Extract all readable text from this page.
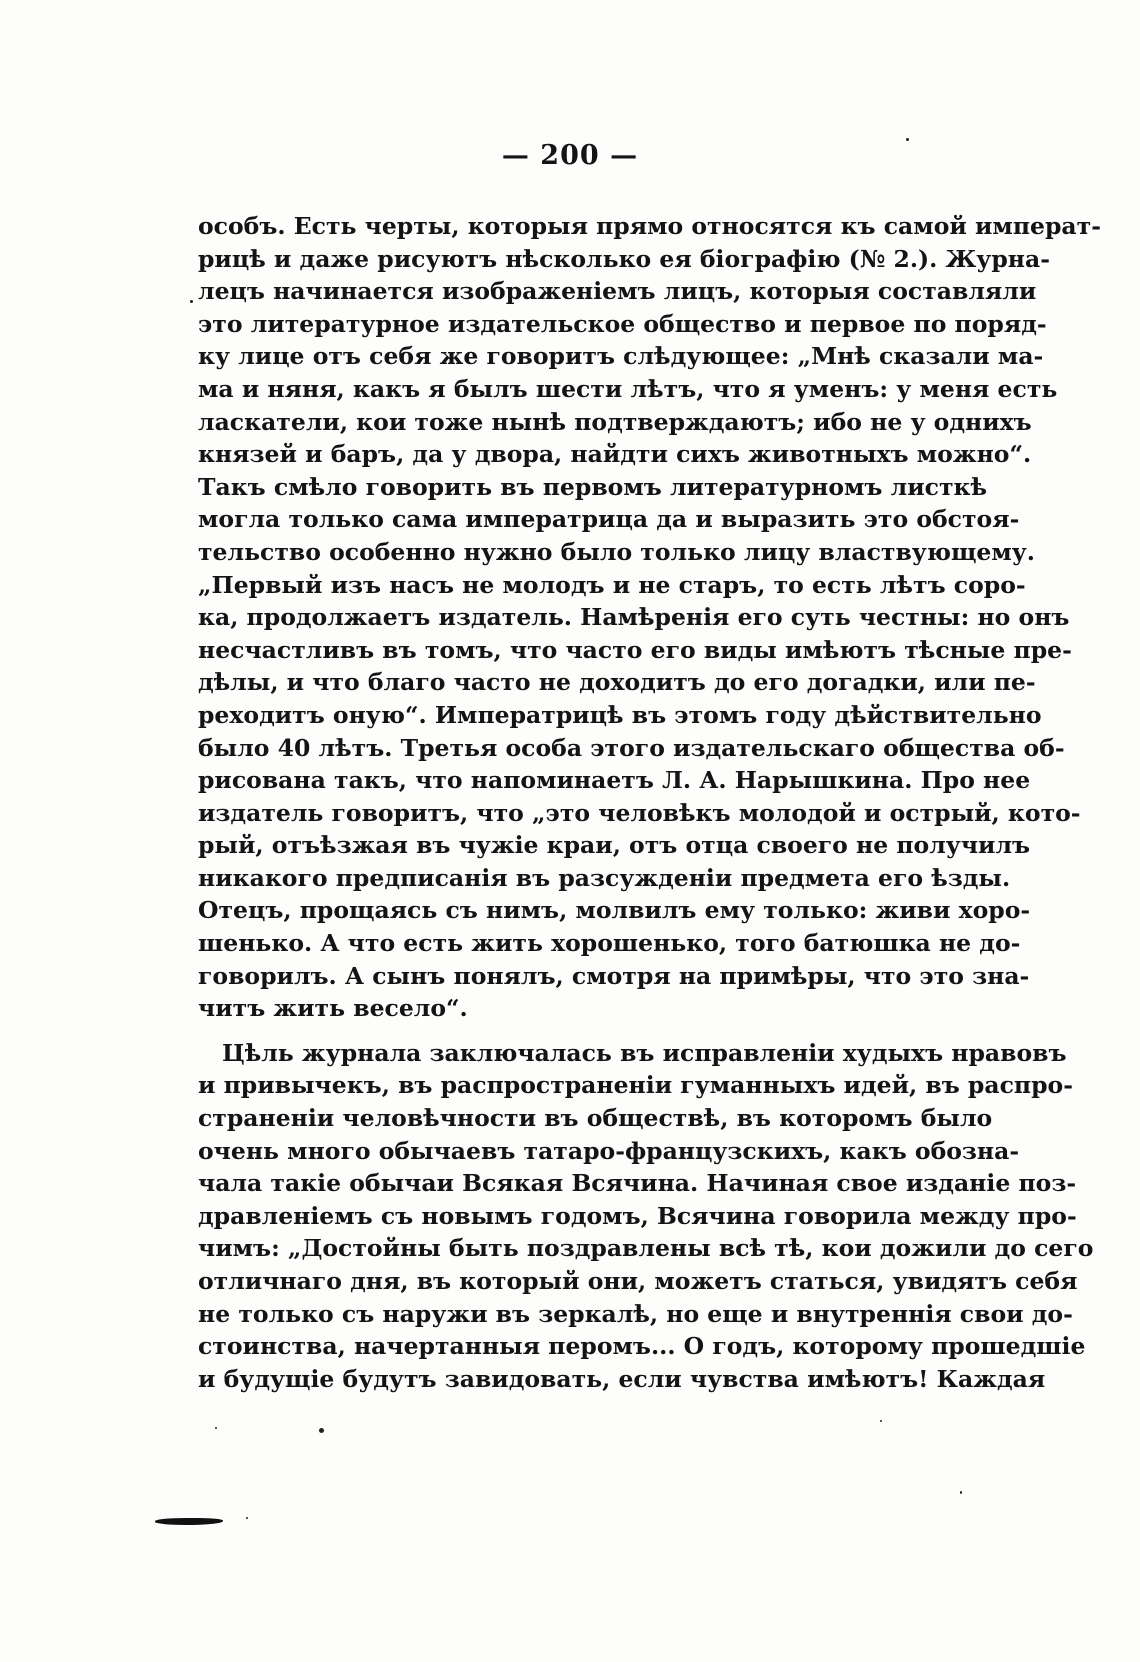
— 200 —
особъ. Есть черты, которыя прямо относятся къ самой императ-
рицѣ и даже рисуютъ нѣсколько ея біографію (№ 2.). Журна-
лецъ начинается изображеніемъ лицъ, которыя составляли
это литературное издательское общество и первое по поряд-
ку лице отъ себя же говоритъ слѣдующее: „Мнѣ сказали ма-
ма и няня, какъ я былъ шести лѣтъ, что я уменъ: у меня есть
ласкатели, кои тоже нынѣ подтверждаютъ; ибо не у однихъ
князей и баръ, да у двора, найдти сихъ животныхъ можно“.
Такъ смѣло говорить въ первомъ литературномъ листкѣ
могла только сама императрица да и выразить это обстоя-
тельство особенно нужно было только лицу властвующему.
„Первый изъ насъ не молодъ и не старъ, то есть лѣтъ соро-
ка, продолжаетъ издатель. Намѣренія его суть честны: но онъ
несчастливъ въ томъ, что часто его виды имѣютъ тѣсные пре-
дѣлы, и что благо часто не доходитъ до его догадки, или пе-
реходитъ оную“. Императрицѣ въ этомъ году дѣйствительно
было 40 лѣтъ. Третья особа этого издательскаго общества об-
рисована такъ, что напоминаетъ Л. А. Нарышкина. Про нее
издатель говоритъ, что „это человѣкъ молодой и острый, кото-
рый, отъѣзжая въ чужіе краи, отъ отца своего не получилъ
никакого предписанія въ разсужденіи предмета его ѣзды.
Отецъ, прощаясь съ нимъ, молвилъ ему только: живи хоро-
шенько. А что есть жить хорошенько, того батюшка не до-
говорилъ. А сынъ понялъ, смотря на примѣры, что это зна-
читъ жить весело“.
Цѣль журнала заключалась въ исправленіи худыхъ нравовъ
и привычекъ, въ распространеніи гуманныхъ идей, въ распро-
страненіи человѣчности въ обществѣ, въ которомъ было
очень много обычаевъ татаро-французскихъ, какъ обозна-
чала такіе обычаи Всякая Всячина. Начиная свое изданіе поз-
дравленіемъ съ новымъ годомъ, Всячина говорила между про-
чимъ: „Достойны быть поздравлены всѣ тѣ, кои дожили до сего
отличнаго дня, въ который они, можетъ статься, увидятъ себя
не только съ наружи въ зеркалѣ, но еще и внутреннія свои до-
стоинства, начертанныя перомъ... О годъ, которому прошедшіе
и будущіе будутъ завидовать, если чувства имѣютъ! Каждая
